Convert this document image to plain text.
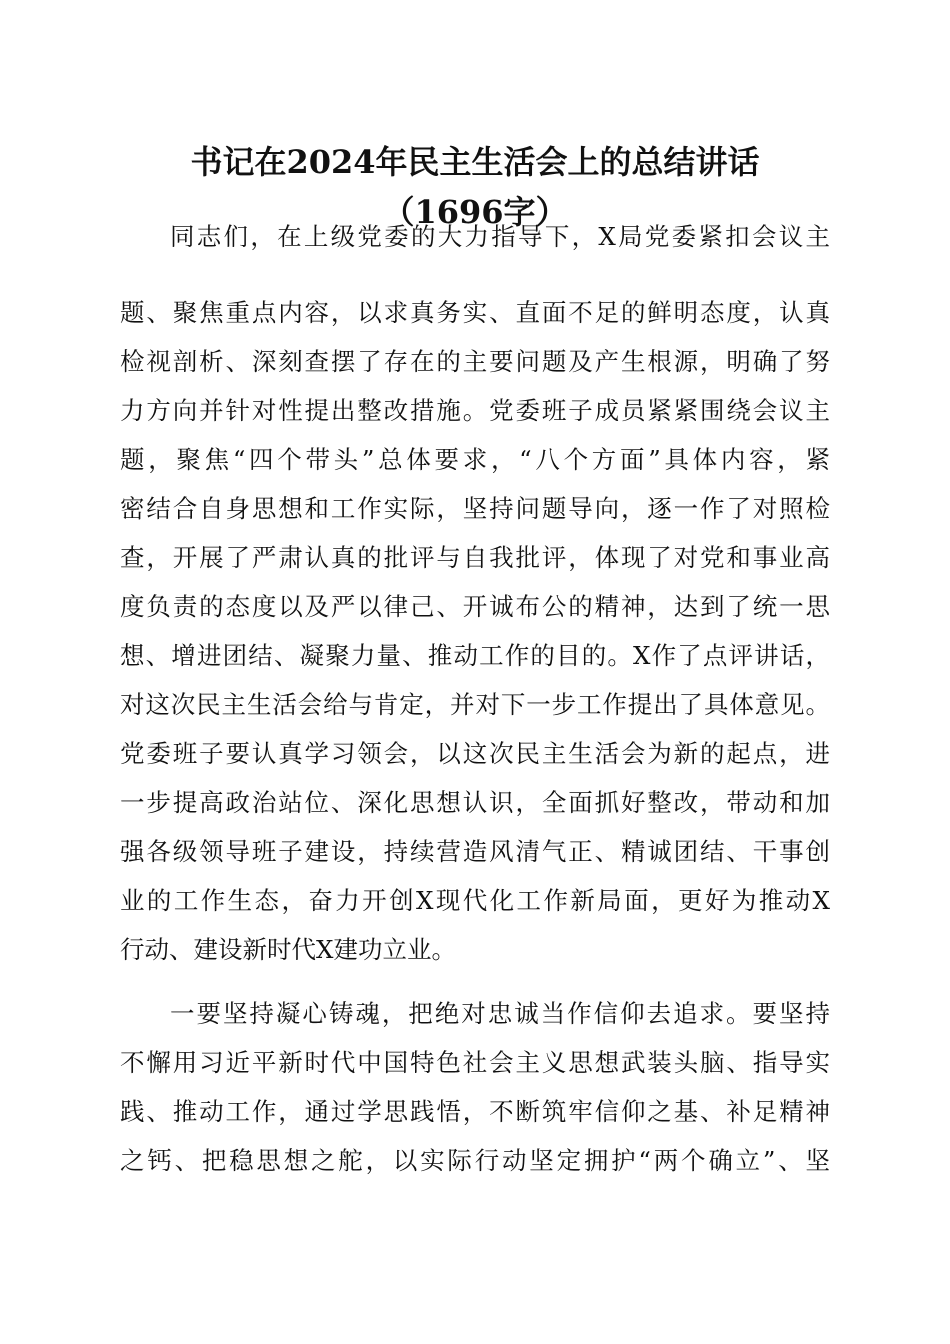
书记在2024年民主生活会上的总结讲话
（1696字）
同志们，在上级党委的大力指导下，X局党委紧扣会议主
题、聚焦重点内容，以求真务实、直面不足的鲜明态度，认真
检视剖析、深刻查摆了存在的主要问题及产生根源，明确了努
力方向并针对性提出整改措施。党委班子成员紧紧围绕会议主
题，聚焦“四个带头”总体要求，“八个方面”具体内容，紧
密结合自身思想和工作实际，坚持问题导向，逐一作了对照检
查，开展了严肃认真的批评与自我批评，体现了对党和事业高
度负责的态度以及严以律己、开诚布公的精神，达到了统一思
想、增进团结、凝聚力量、推动工作的目的。X作了点评讲话，
对这次民主生活会给与肯定，并对下一步工作提出了具体意见。
党委班子要认真学习领会，以这次民主生活会为新的起点，进
一步提高政治站位、深化思想认识，全面抓好整改，带动和加
强各级领导班子建设，持续营造风清气正、精诚团结、干事创
业的工作生态，奋力开创X现代化工作新局面，更好为推动X
行动、建设新时代X建功立业。
一要坚持凝心铸魂，把绝对忠诚当作信仰去追求。要坚持
不懈用习近平新时代中国特色社会主义思想武装头脑、指导实
践、推动工作，通过学思践悟，不断筑牢信仰之基、补足精神
之钙、把稳思想之舵，以实际行动坚定拥护“两个确立”、坚
